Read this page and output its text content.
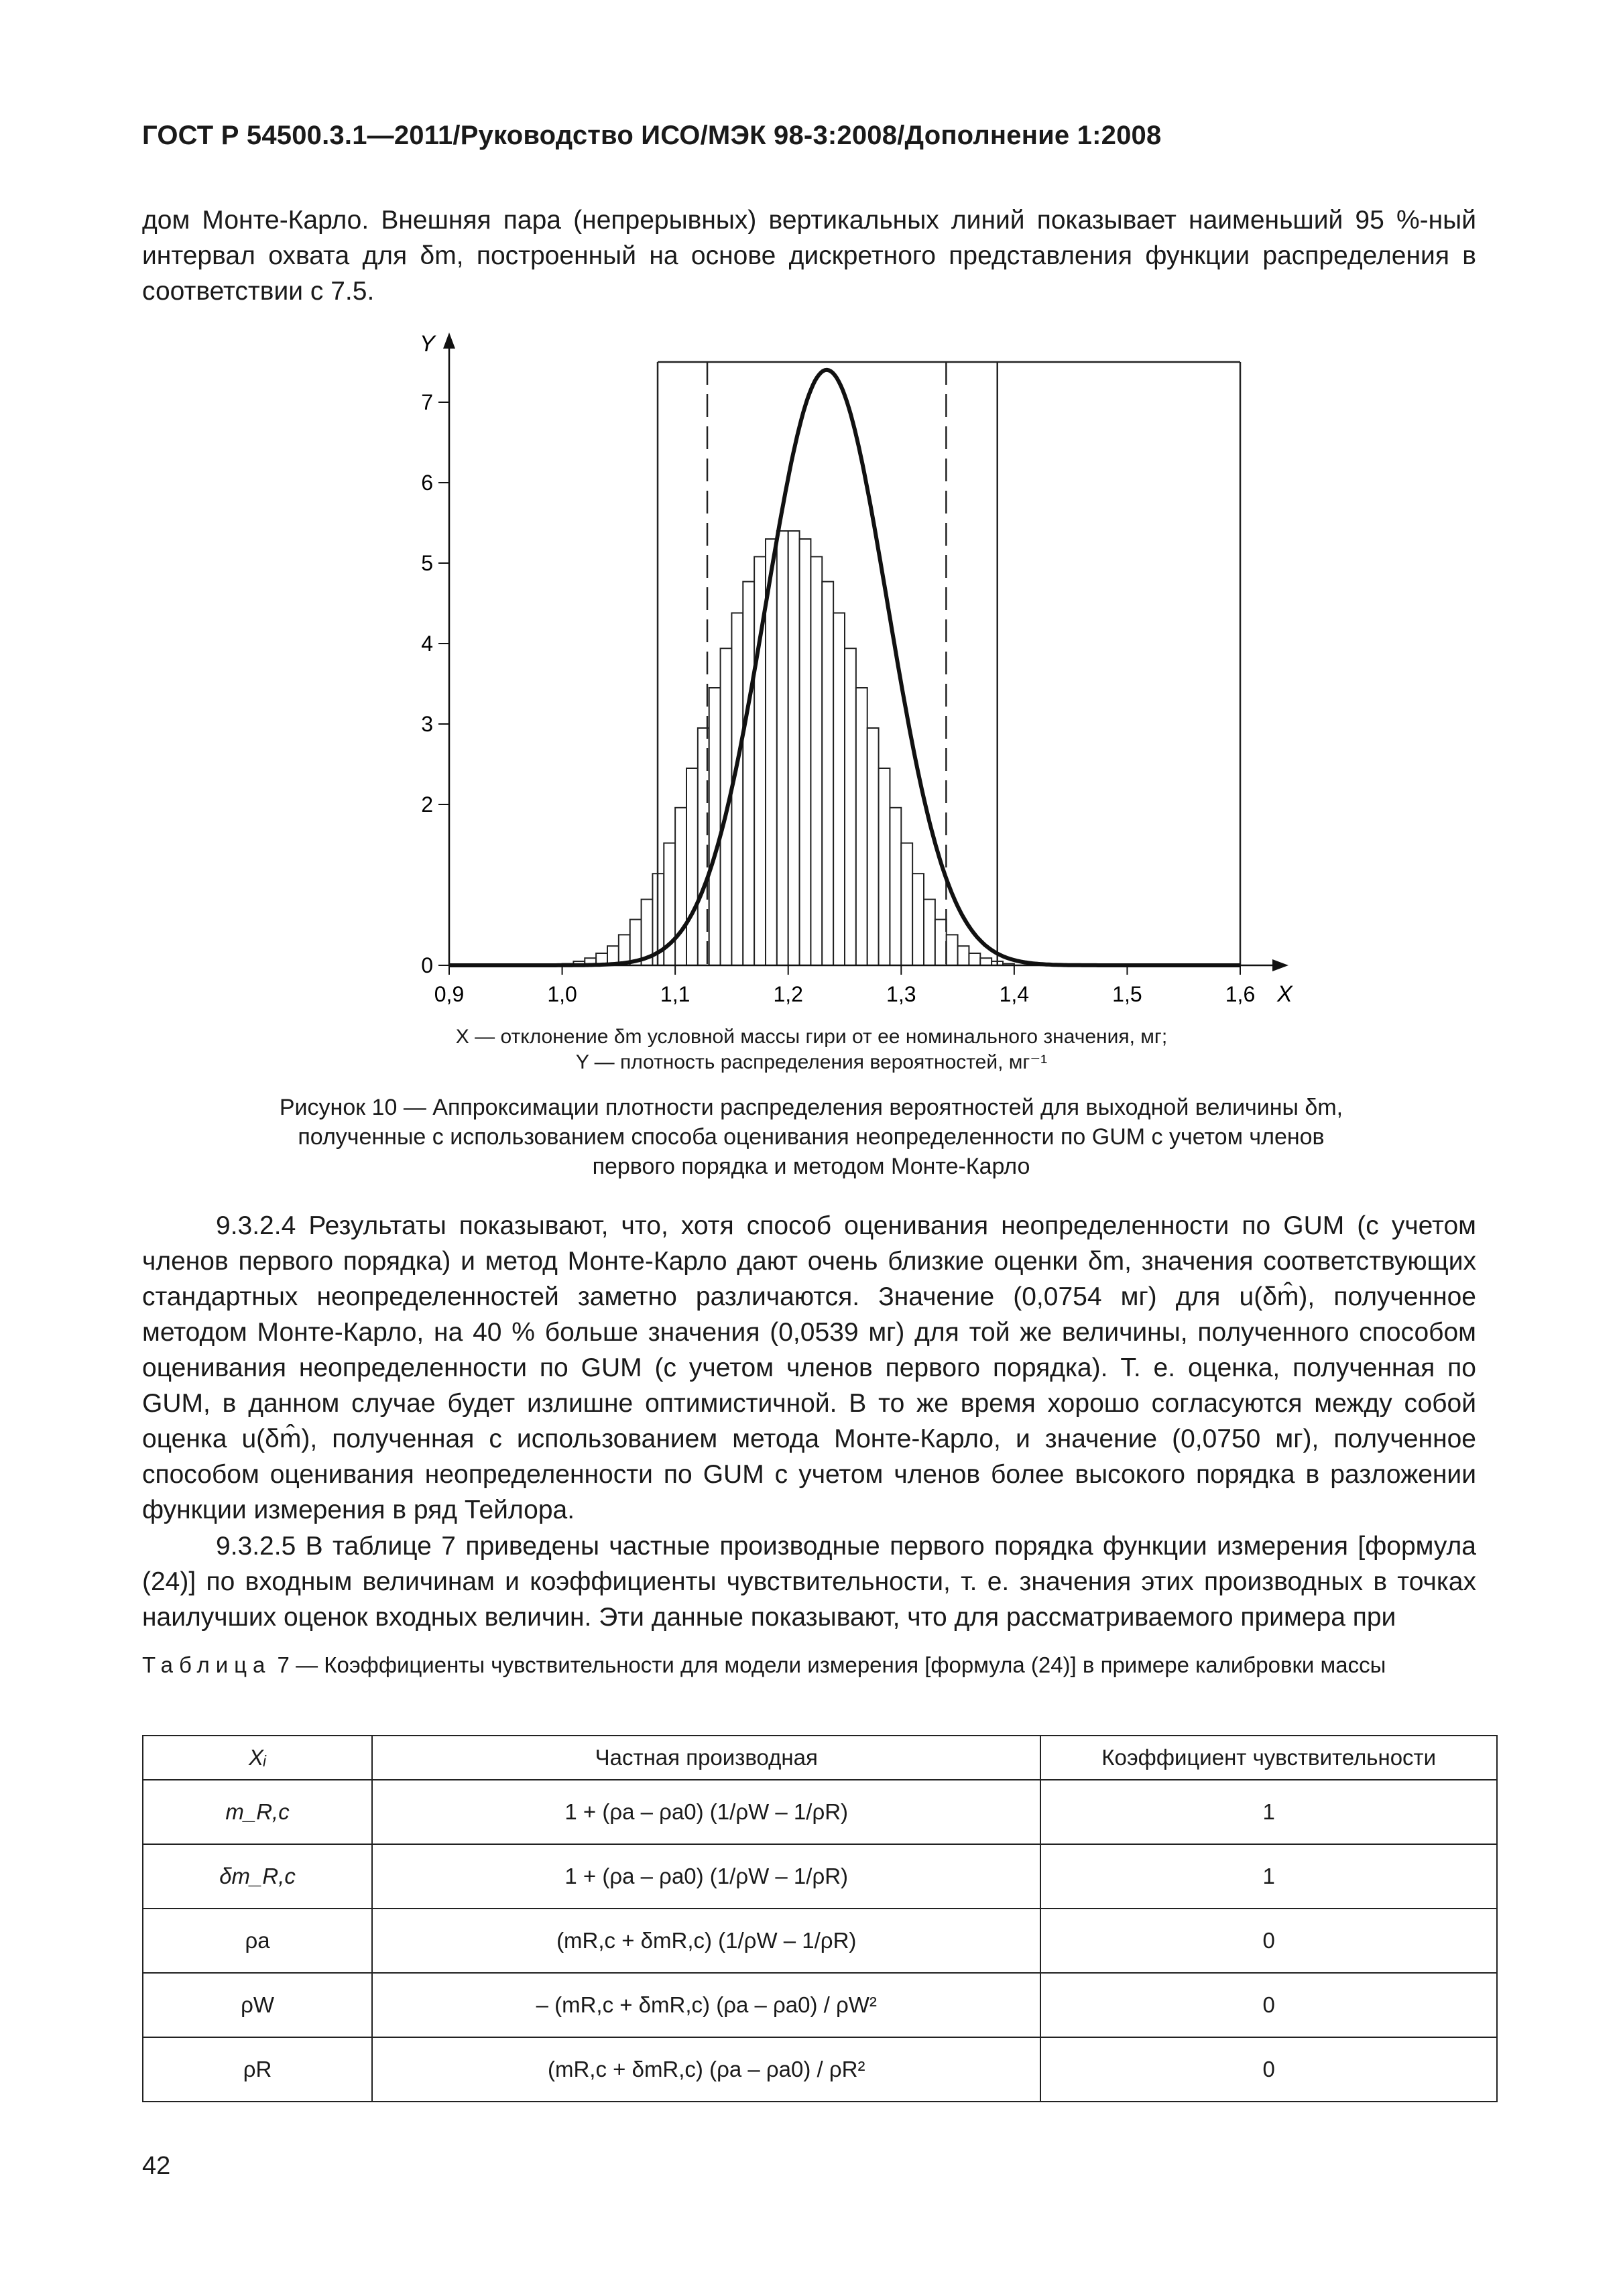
ГОСТ Р 54500.3.1—2011/Руководство ИСО/МЭК 98-3:2008/Дополнение 1:2008

дом Монте-Карло. Внешняя пара (непрерывных) вертикальных линий показывает наименьший 95 %-ный интервал охвата для δm, построенный на основе дискретного представления функции распределения в соответствии с 7.5.

0,9	1,0	1,1	1,2	1,3	1,4	1,5	1,6
0
2
3
4
5
6
7
X
Y
X — отклонение δm условной массы гири от ее номинального значения, мг;
Y — плотность распределения вероятностей, мг⁻¹
Рисунок 10 — Аппроксимации плотности распределения вероятностей для выходной величины δm,
полученные с использованием способа оценивания неопределенности по GUM с учетом членов
первого порядка и методом Монте-Карло

9.3.2.4 Результаты показывают, что, хотя способ оценивания неопределенности по GUM (с учетом членов первого порядка) и метод Монте-Карло дают очень близкие оценки δm, значения соответствующих стандартных неопределенностей заметно различаются. Значение (0,0754 мг) для u(δm̂), полученное методом Монте-Карло, на 40 % больше значения (0,0539 мг) для той же величины, полученного способом оценивания неопределенности по GUM (с учетом членов первого порядка). Т. е. оценка, полученная по GUM, в данном случае будет излишне оптимистичной. В то же время хорошо согласуются между собой оценка u(δm̂), полученная с использованием метода Монте-Карло, и значение (0,0750 мг), полученное способом оценивания неопределенности по GUM с учетом членов более высокого порядка в разложении функции измерения в ряд Тейлора.

9.3.2.5 В таблице 7 приведены частные производные первого порядка функции измерения [формула (24)] по входным величинам и коэффициенты чувствительности, т. е. значения этих производных в точках наилучших оценок входных величин. Эти данные показывают, что для рассматриваемого примера при

Таблица 7 — Коэффициенты чувствительности для модели измерения [формула (24)] в примере калибровки массы
Xᵢ	Частная производная	Коэффициент чувствительности
m_R,c	1 + (ρa – ρa0) (1/ρW – 1/ρR)	1
δm_R,c	1 + (ρa – ρa0) (1/ρW – 1/ρR)	1
ρa	(mR,c + δmR,c) (1/ρW – 1/ρR)	0
ρW	– (mR,c + δmR,c) (ρa – ρa0) / ρW²	0
ρR	(mR,c + δmR,c) (ρa – ρa0) / ρR²	0
42
